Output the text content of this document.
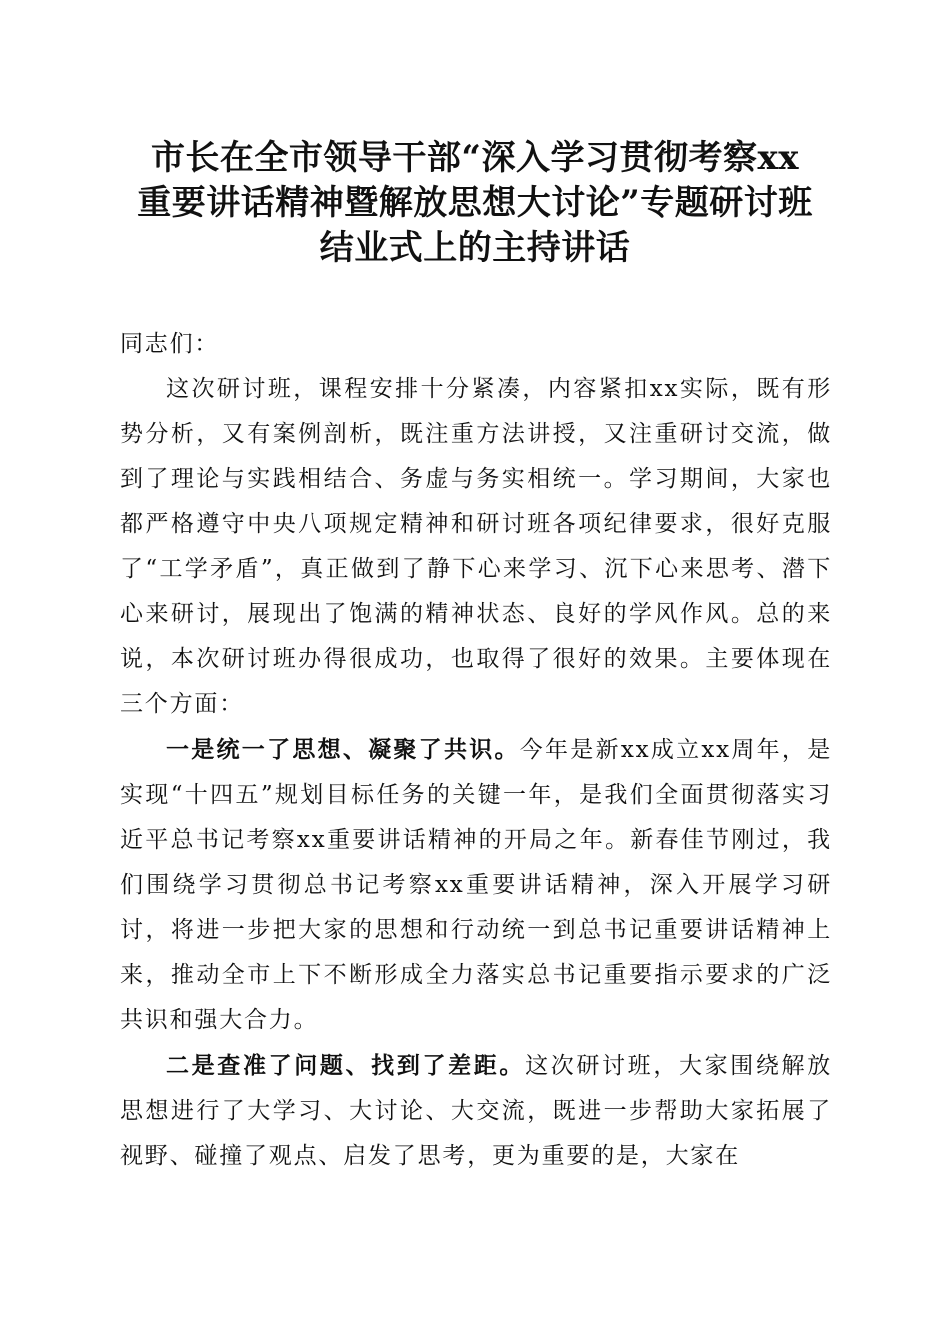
市长在全市领导干部“深入学习贯彻考察xx
重要讲话精神暨解放思想大讨论”专题研讨班
结业式上的主持讲话

同志们：

这次研讨班，课程安排十分紧凑，内容紧扣xx实际，既有形势分析，又有案例剖析，既注重方法讲授，又注重研讨交流，做到了理论与实践相结合、务虚与务实相统一。学习期间，大家也都严格遵守中央八项规定精神和研讨班各项纪律要求，很好克服了“工学矛盾”，真正做到了静下心来学习、沉下心来思考、潜下心来研讨，展现出了饱满的精神状态、良好的学风作风。总的来说，本次研讨班办得很成功，也取得了很好的效果。主要体现在三个方面：

一是统一了思想、凝聚了共识。今年是新xx成立xx周年，是实现“十四五”规划目标任务的关键一年，是我们全面贯彻落实习近平总书记考察xx重要讲话精神的开局之年。新春佳节刚过，我们围绕学习贯彻总书记考察xx重要讲话精神，深入开展学习研讨，将进一步把大家的思想和行动统一到总书记重要讲话精神上来，推动全市上下不断形成全力落实总书记重要指示要求的广泛共识和强大合力。

二是查准了问题、找到了差距。这次研讨班，大家围绕解放思想进行了大学习、大讨论、大交流，既进一步帮助大家拓展了视野、碰撞了观点、启发了思考，更为重要的是，大家在
